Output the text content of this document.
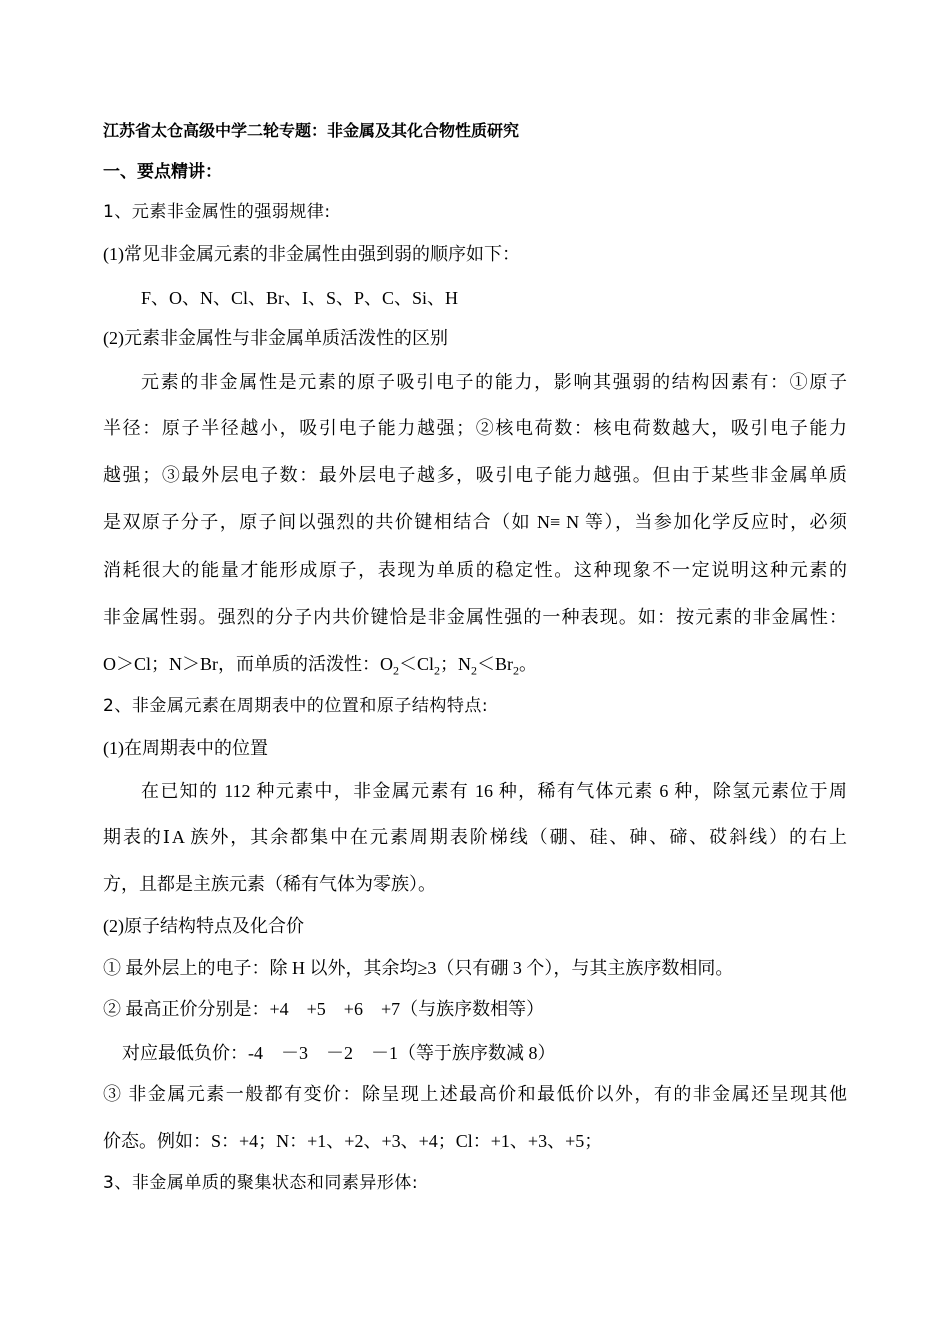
江苏省太仓高级中学二轮专题：非金属及其化合物性质研究
一、要点精讲：
1、元素非金属性的强弱规律:
(1)常见非金属元素的非金属性由强到弱的顺序如下：
F、O、N、Cl、Br、I、S、P、C、Si、H
(2)元素非金属性与非金属单质活泼性的区别
元素的非金属性是元素的原子吸引电子的能力，影响其强弱的结构因素有：①原子
半径：原子半径越小，吸引电子能力越强；②核电荷数：核电荷数越大，吸引电子能力
越强；③最外层电子数：最外层电子越多，吸引电子能力越强。但由于某些非金属单质
是双原子分子，原子间以强烈的共价键相结合（如 N≡ N 等），当参加化学反应时，必须
消耗很大的能量才能形成原子，表现为单质的稳定性。这种现象不一定说明这种元素的
非金属性弱。强烈的分子内共价键恰是非金属性强的一种表现。如：按元素的非金属性：
O＞Cl；N＞Br，而单质的活泼性：$O_2<Cl_2$；$N_2<Br_2$。
2、非金属元素在周期表中的位置和原子结构特点:
(1)在周期表中的位置
在已知的 112 种元素中，非金属元素有 16 种，稀有气体元素 6 种，除氢元素位于周
期表的ⅠA 族外，其余都集中在元素周期表阶梯线（硼、硅、砷、碲、砹斜线）的右上
方，且都是主族元素（稀有气体为零族）。
(2)原子结构特点及化合价
① 最外层上的电子：除 H 以外，其余均≥3（只有硼 3 个），与其主族序数相同。
② 最高正价分别是：+4　+5　+6　+7（与族序数相等）
对应最低负价：-4　－3　－2　－1（等于族序数减 8）
③ 非金属元素一般都有变价：除呈现上述最高价和最低价以外，有的非金属还呈现其他
价态。例如：S：+4；N：+1、+2、+3、+4；Cl：+1、+3、+5；
3、非金属单质的聚集状态和同素异形体:
